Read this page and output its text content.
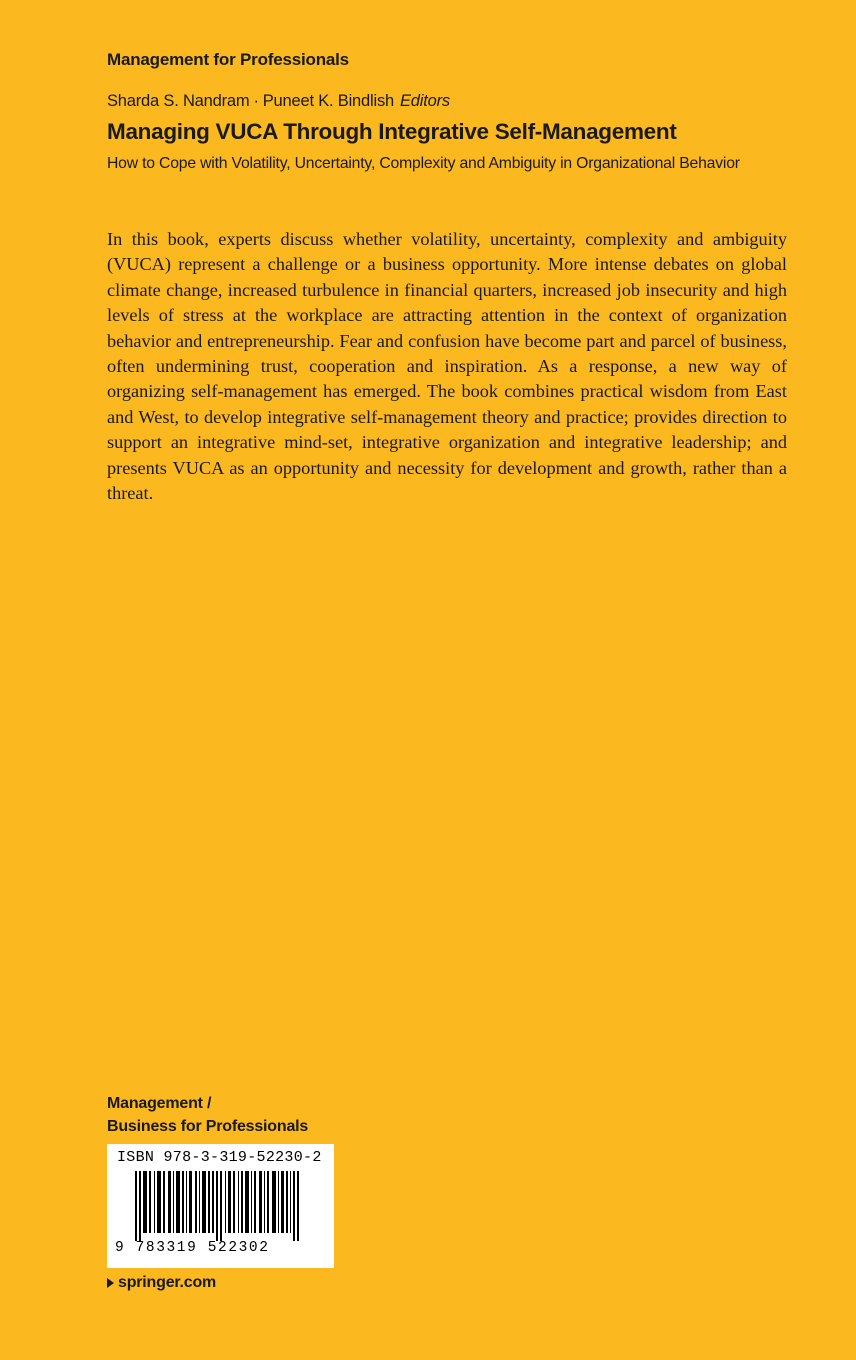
Management for Professionals
Sharda S. Nandram · Puneet K. Bindlish Editors
Managing VUCA Through Integrative Self-Management
How to Cope with Volatility, Uncertainty, Complexity and Ambiguity in Organizational Behavior

In this book, experts discuss whether volatility, uncertainty, complexity and ambiguity (VUCA) represent a challenge or a business opportunity. More intense debates on global climate change, increased turbulence in financial quarters, increased job insecurity and high levels of stress at the workplace are attracting attention in the context of organization behavior and entrepreneurship. Fear and confusion have become part and parcel of business, often undermining trust, cooperation and inspiration. As a response, a new way of organizing self-management has emerged. The book combines practical wisdom from East and West, to develop integrative self-management theory and practice; provides direction to support an integrative mind-set, integrative organization and integrative leadership; and presents VUCA as an opportunity and necessity for development and growth, rather than a threat.

Management /
Business for Professionals
ISBN 978-3-319-52230-2
9 783319 522302
springer.com
